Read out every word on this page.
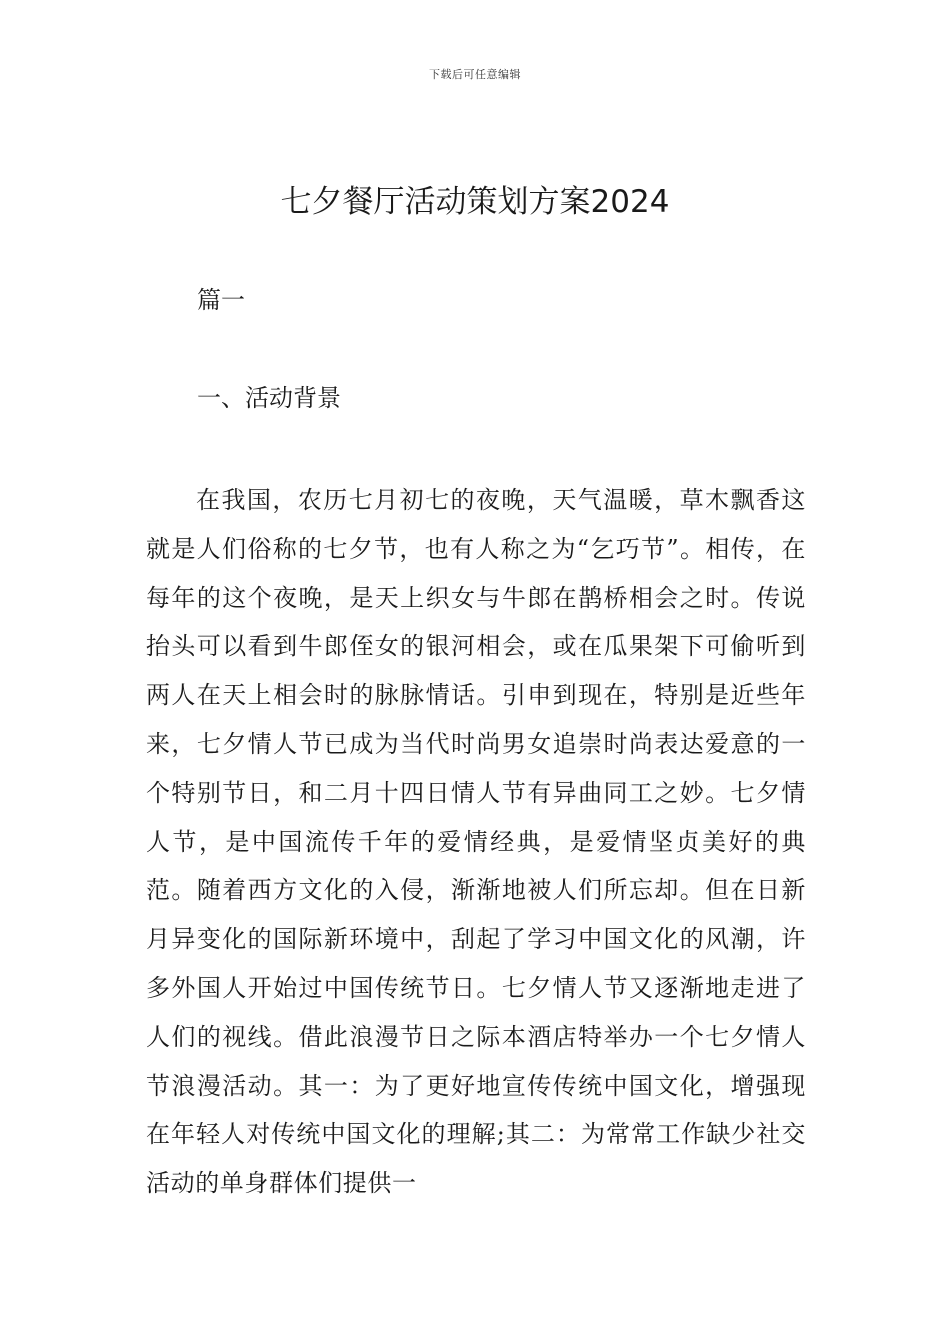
下载后可任意编辑
七夕餐厅活动策划方案2024

篇一

一、活动背景

在我国，农历七月初七的夜晚，天气温暖，草木飘香这就是人们俗称的七夕节，也有人称之为“乞巧节”。相传，在每年的这个夜晚，是天上织女与牛郎在鹊桥相会之时。传说抬头可以看到牛郎侄女的银河相会，或在瓜果架下可偷听到两人在天上相会时的脉脉情话。引申到现在，特别是近些年来，七夕情人节已成为当代时尚男女追崇时尚表达爱意的一个特别节日，和二月十四日情人节有异曲同工之妙。七夕情人节，是中国流传千年的爱情经典，是爱情坚贞美好的典范。随着西方文化的入侵，渐渐地被人们所忘却。但在日新月异变化的国际新环境中，刮起了学习中国文化的风潮，许多外国人开始过中国传统节日。七夕情人节又逐渐地走进了人们的视线。借此浪漫节日之际本酒店特举办一个七夕情人节浪漫活动。其一：为了更好地宣传传统中国文化，增强现在年轻人对传统中国文化的理解;其二：为常常工作缺少社交活动的单身群体们提供一
